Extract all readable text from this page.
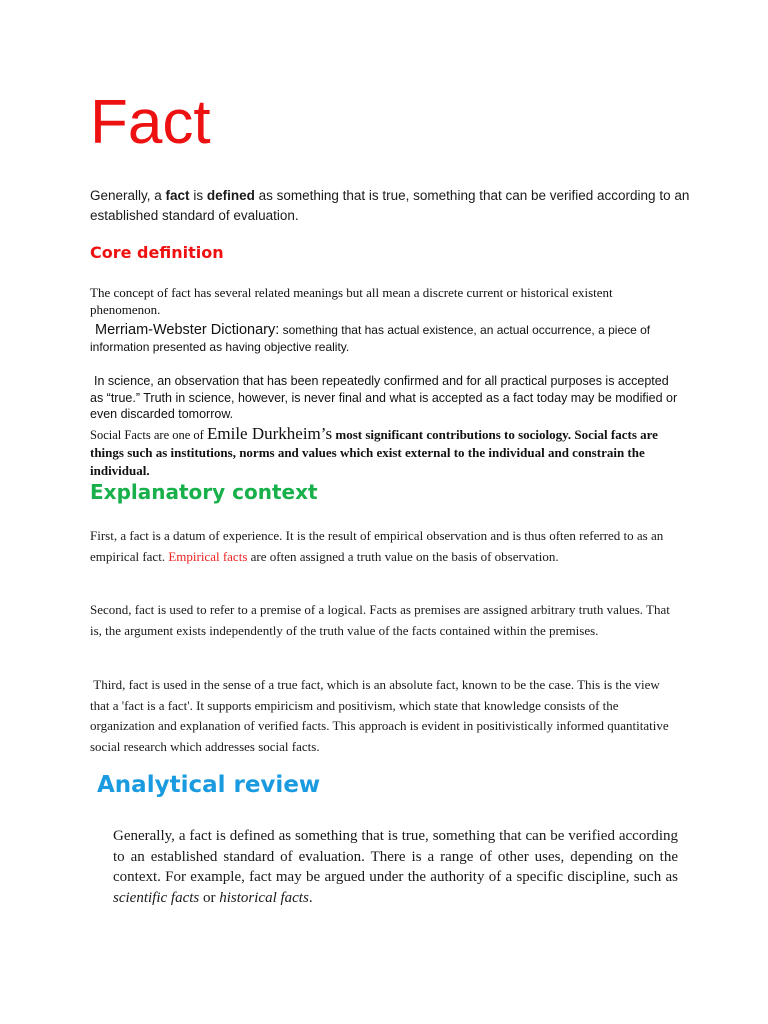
Fact
Generally, a fact is defined as something that is true, something that can be verified according to an established standard of evaluation.
Core definition
The concept of fact has several related meanings but all mean a discrete current or historical existent phenomenon.
Merriam-Webster Dictionary: something that has actual existence, an actual occurrence, a piece of information presented as having objective reality.
In science, an observation that has been repeatedly confirmed and for all practical purposes is accepted as “true.” Truth in science, however, is never final and what is accepted as a fact today may be modified or even discarded tomorrow.
Social Facts are one of Emile Durkheim’s most significant contributions to sociology. Social facts are things such as institutions, norms and values which exist external to the individual and constrain the individual.
Explanatory context
First, a fact is a datum of experience. It is the result of empirical observation and is thus often referred to as an empirical fact. Empirical facts are often assigned a truth value on the basis of observation.
Second, fact is used to refer to a premise of a logical. Facts as premises are assigned arbitrary truth values. That is, the argument exists independently of the truth value of the facts contained within the premises.
Third, fact is used in the sense of a true fact, which is an absolute fact, known to be the case. This is the view that a 'fact is a fact'. It supports empiricism and positivism, which state that knowledge consists of the organization and explanation of verified facts. This approach is evident in positivistically informed quantitative social research which addresses social facts.
Analytical review
Generally, a fact is defined as something that is true, something that can be verified according to an established standard of evaluation. There is a range of other uses, depending on the context. For example, fact may be argued under the authority of a specific discipline, such as scientific facts or historical facts.
